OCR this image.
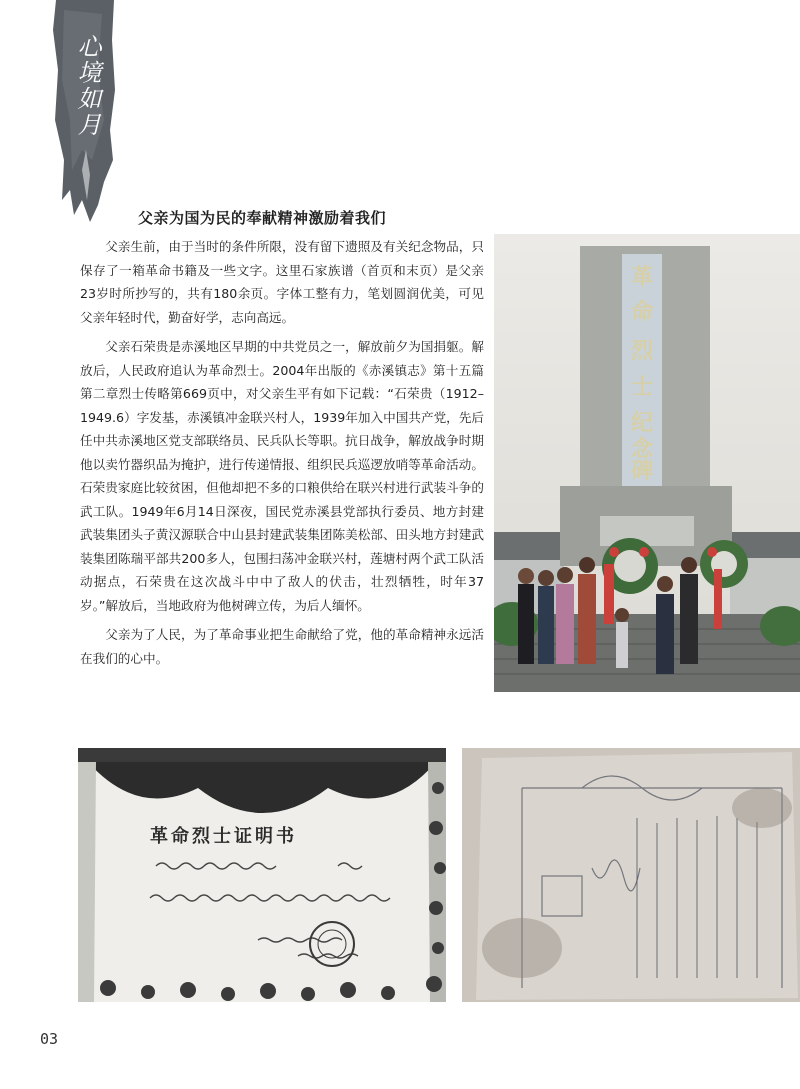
心境如月
父亲为国为民的奉献精神激励着我们

父亲生前，由于当时的条件所限，没有留下遗照及有关纪念物品，只保存了一箱革命书籍及一些文字。这里石家族谱（首页和末页）是父亲23岁时所抄写的，共有180余页。字体工整有力，笔划圆润优美，可见父亲年轻时代，勤奋好学，志向高远。

父亲石荣贵是赤溪地区早期的中共党员之一，解放前夕为国捐躯。解放后，人民政府追认为革命烈士。2004年出版的《赤溪镇志》第十五篇第二章烈士传略第669页中，对父亲生平有如下记载：“石荣贵（1912–1949.6）字发基，赤溪镇冲金联兴村人，1939年加入中国共产党，先后任中共赤溪地区党支部联络员、民兵队长等职。抗日战争，解放战争时期他以卖竹器织品为掩护，进行传递情报、组织民兵巡逻放哨等革命活动。石荣贵家庭比较贫困，但他却把不多的口粮供给在联兴村进行武装斗争的武工队。1949年6月14日深夜，国民党赤溪县党部执行委员、地方封建武装集团头子黄汉源联合中山县封建武装集团陈美松部、田头地方封建武装集团陈瑞平部共200多人，包围扫荡冲金联兴村，莲塘村两个武工队活动据点，石荣贵在这次战斗中中了敌人的伏击，壮烈牺牲，时年37岁。”解放后，当地政府为他树碑立传，为后人缅怀。

父亲为了人民，为了革命事业把生命献给了党，他的革命精神永远活在我们的心中。

革
命
烈
士
纪
念
碑
革命烈士证明书
03
